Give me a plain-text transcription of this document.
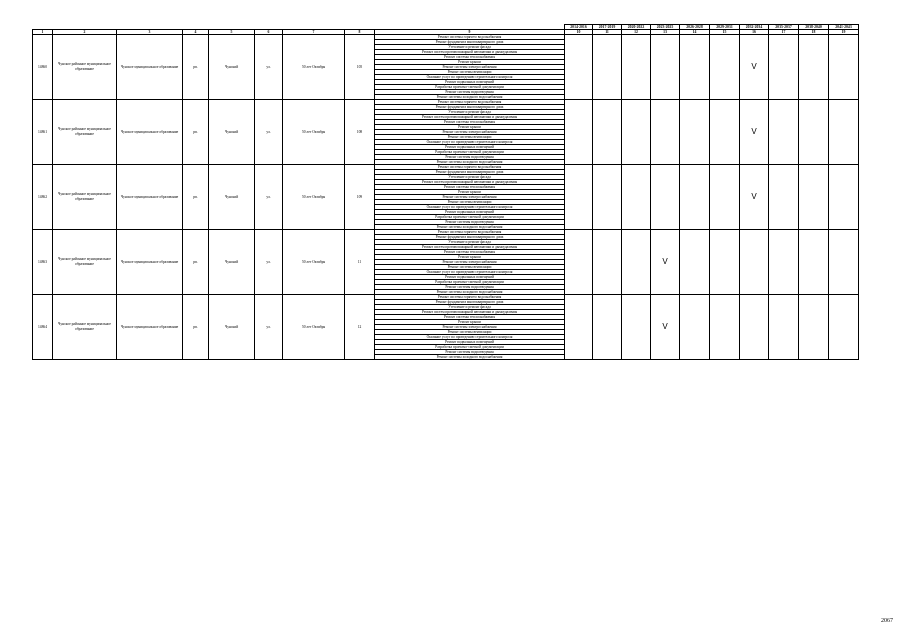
									2014-2016	2017-2019	2020-2022	2023-2025	2026-2028	2029-2031	2032-2034	2035-2037	2038-2040	2041-2043
1	2	3	4	5	6	7	8	9	10	11	12	13	14	15	16	17	18	19
14860	Чунское районное муниципальное образование	Чунское муниципальное образование	рп.	Чунский	ул.	50 лет Октября	105	Ремонт системы горячего водоснабжения							V			
								Ремонт фундамента многоквартирного дома										
								Утепление и ремонт фасада										
								Ремонт систем противопожарной автоматики и дымоудаления										
								Ремонт системы теплоснабжения										
								Ремонт крыши										
								Ремонт системы электроснабжения										
								Ремонт системы вентиляции										
								Оказание услуг по проведению строительного контроля										
								Ремонт подвальных помещений										
								Разработка проектно-сметной документации										
								Ремонт системы водоотведения										
								Ремонт системы холодного водоснабжения										
14861	Чунское районное муниципальное образование	Чунское муниципальное образование	рп.	Чунский	ул.	50 лет Октября	108	Ремонт системы горячего водоснабжения							V			
								Ремонт фундамента многоквартирного дома										
								Утепление и ремонт фасада										
								Ремонт систем противопожарной автоматики и дымоудаления										
								Ремонт системы теплоснабжения										
								Ремонт крыши										
								Ремонт системы электроснабжения										
								Ремонт системы вентиляции										
								Оказание услуг по проведению строительного контроля										
								Ремонт подвальных помещений										
								Разработка проектно-сметной документации										
								Ремонт системы водоотведения										
								Ремонт системы холодного водоснабжения										
14862	Чунское районное муниципальное образование	Чунское муниципальное образование	рп.	Чунский	ул.	50 лет Октября	109	Ремонт системы горячего водоснабжения							V			
								Ремонт фундамента многоквартирного дома										
								Утепление и ремонт фасада										
								Ремонт систем противопожарной автоматики и дымоудаления										
								Ремонт системы теплоснабжения										
								Ремонт крыши										
								Ремонт системы электроснабжения										
								Ремонт системы вентиляции										
								Оказание услуг по проведению строительного контроля										
								Ремонт подвальных помещений										
								Разработка проектно-сметной документации										
								Ремонт системы водоотведения										
								Ремонт системы холодного водоснабжения										
14863	Чунское районное муниципальное образование	Чунское муниципальное образование	рп.	Чунский	ул.	50 лет Октября	11	Ремонт системы горячего водоснабжения				V						
								Ремонт фундамента многоквартирного дома										
								Утепление и ремонт фасада										
								Ремонт систем противопожарной автоматики и дымоудаления										
								Ремонт системы теплоснабжения										
								Ремонт крыши										
								Ремонт системы электроснабжения										
								Ремонт системы вентиляции										
								Оказание услуг по проведению строительного контроля										
								Ремонт подвальных помещений										
								Разработка проектно-сметной документации										
								Ремонт системы водоотведения										
								Ремонт системы холодного водоснабжения										
14864	Чунское районное муниципальное образование	Чунское муниципальное образование	рп.	Чунский	ул.	50 лет Октября	12	Ремонт системы горячего водоснабжения				V						
								Ремонт фундамента многоквартирного дома										
								Утепление и ремонт фасада										
								Ремонт систем противопожарной автоматики и дымоудаления										
								Ремонт системы теплоснабжения										
								Ремонт крыши										
								Ремонт системы электроснабжения										
								Ремонт системы вентиляции										
								Оказание услуг по проведению строительного контроля										
								Ремонт подвальных помещений										
								Разработка проектно-сметной документации										
								Ремонт системы водоотведения										
								Ремонт системы холодного водоснабжения										
2067
